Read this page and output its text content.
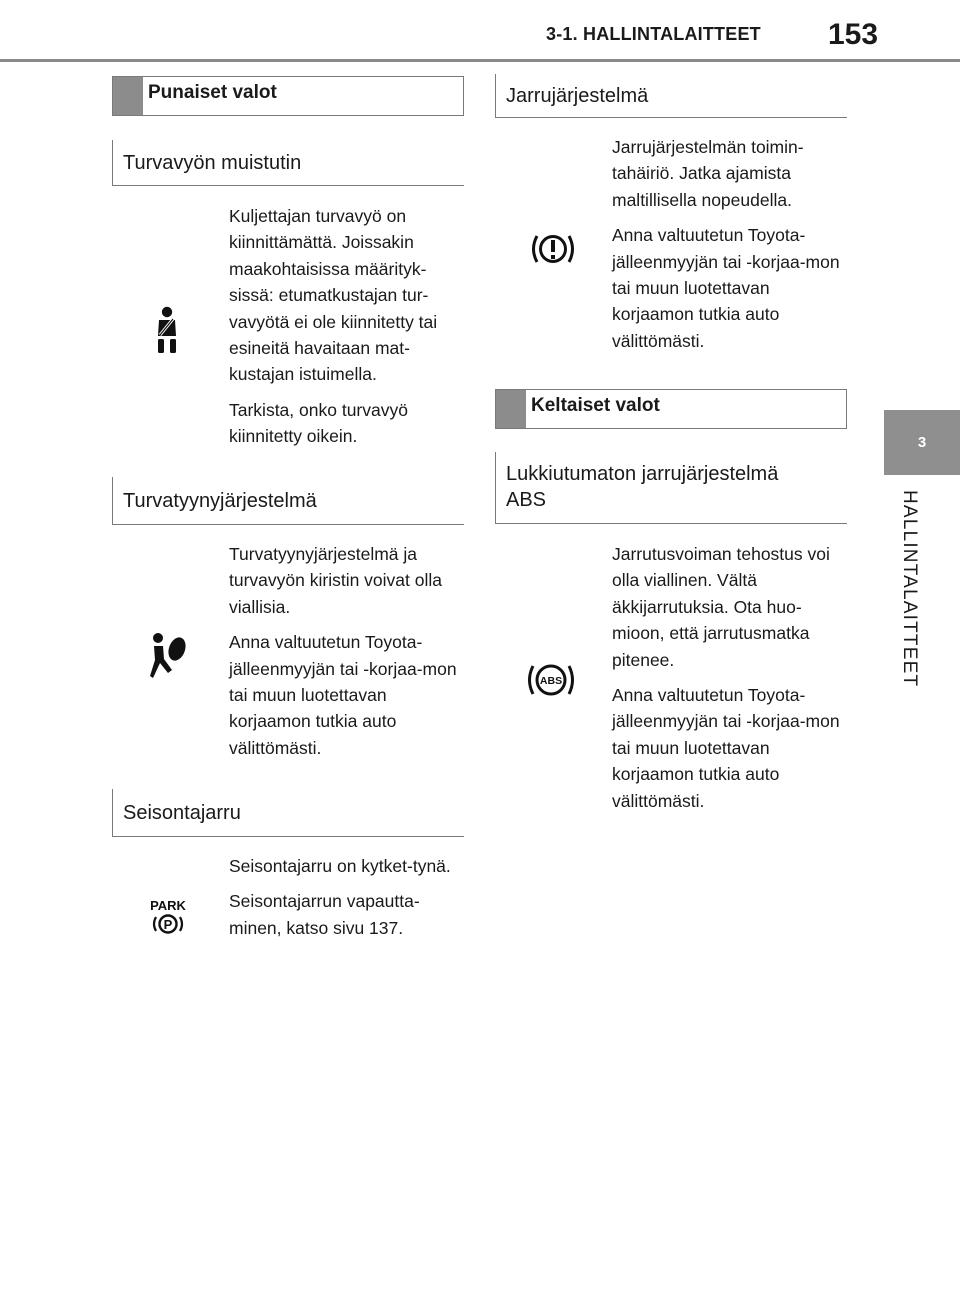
3-1. HALLINTALAITTEET 153
3
HALLINTALAITTEET
Punaiset valot
Turvavyön muistutin

Kuljettajan turvavyö on kiinnittämättä. Joissakin maakohtaisissa määrityk-sissä: etumatkustajan tur-vavyötä ei ole kiinnitetty tai esineitä havaitaan mat-kustajan istuimella.

Tarkista, onko turvavyö kiinnitetty oikein.

Turvatyynyjärjestelmä

Turvatyynyjärjestelmä ja turvavyön kiristin voivat olla viallisia.

Anna valtuutetun Toyota-jälleenmyyjän tai -korjaa-mon tai muun luotettavan korjaamon tutkia auto välittömästi.

Seisontajarru
PARK
P

Seisontajarru on kytket-tynä.

Seisontajarrun vapautta-minen, katso sivu 137.

Jarrujärjestelmä

Jarrujärjestelmän toimin-tahäiriö. Jatka ajamista maltillisella nopeudella.

Anna valtuutetun Toyota-jälleenmyyjän tai -korjaa-mon tai muun luotettavan korjaamon tutkia auto välittömästi.

Keltaiset valot
Lukkiutumaton jarrujärjestelmä
ABS
ABS

Jarrutusvoiman tehostus voi olla viallinen. Vältä äkkijarrutuksia. Ota huo-mioon, että jarrutusmatka pitenee.

Anna valtuutetun Toyota-jälleenmyyjän tai -korjaa-mon tai muun luotettavan korjaamon tutkia auto välittömästi.
